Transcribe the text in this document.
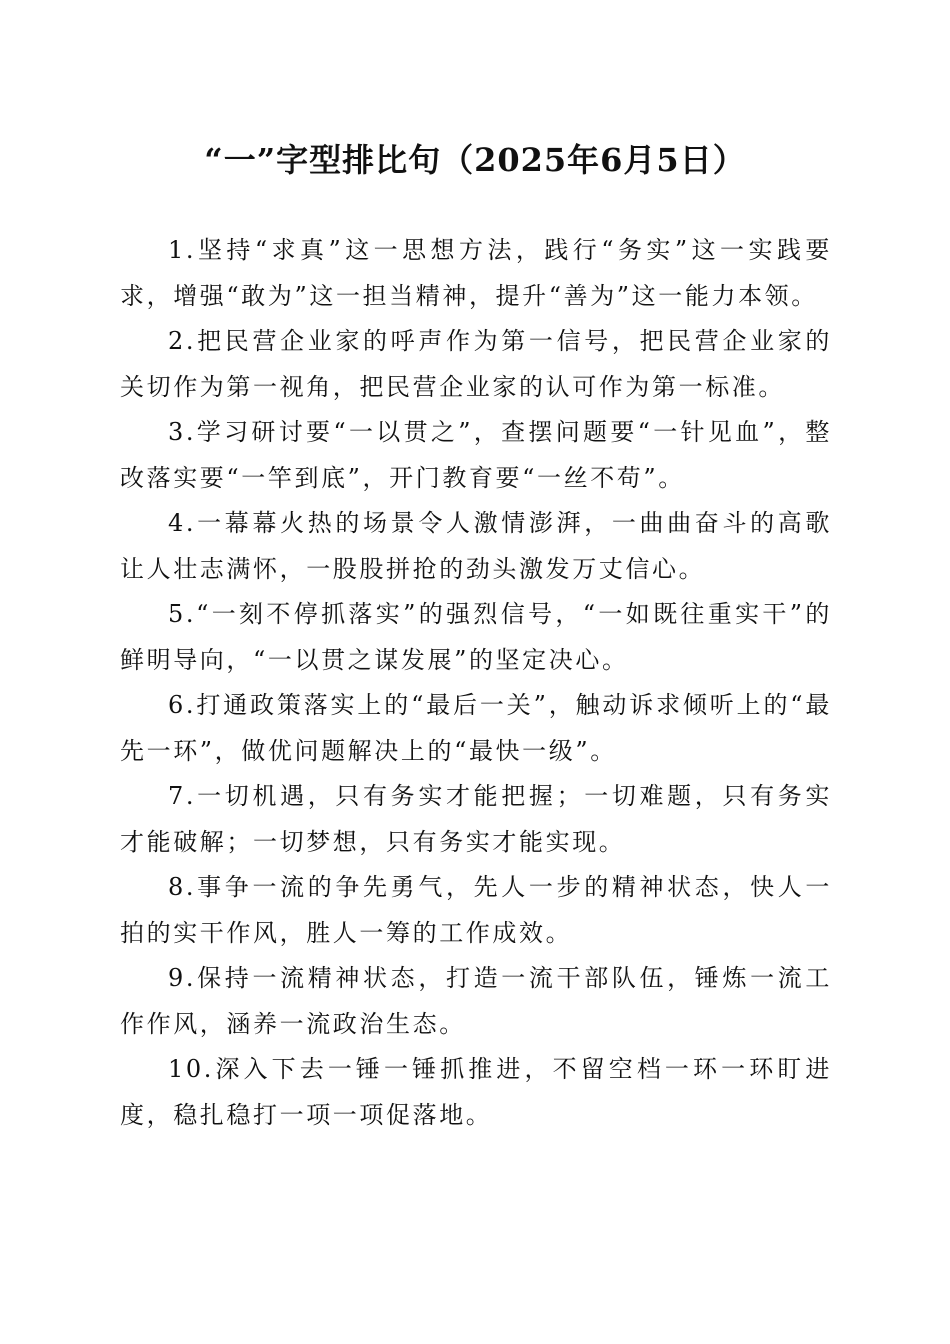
“一”字型排比句（2025年6月5日）

1.坚持“求真”这一思想方法，践行“务实”这一实践要求，增强“敢为”这一担当精神，提升“善为”这一能力本领。

2.把民营企业家的呼声作为第一信号，把民营企业家的关切作为第一视角，把民营企业家的认可作为第一标准。

3.学习研讨要“一以贯之”，查摆问题要“一针见血”，整改落实要“一竿到底”，开门教育要“一丝不苟”。

4.一幕幕火热的场景令人激情澎湃，一曲曲奋斗的高歌让人壮志满怀，一股股拼抢的劲头激发万丈信心。

5.“一刻不停抓落实”的强烈信号，“一如既往重实干”的鲜明导向，“一以贯之谋发展”的坚定决心。

6.打通政策落实上的“最后一关”，触动诉求倾听上的“最先一环”，做优问题解决上的“最快一级”。

7.一切机遇，只有务实才能把握；一切难题，只有务实才能破解；一切梦想，只有务实才能实现。

8.事争一流的争先勇气，先人一步的精神状态，快人一拍的实干作风，胜人一筹的工作成效。

9.保持一流精神状态，打造一流干部队伍，锤炼一流工作作风，涵养一流政治生态。

10.深入下去一锤一锤抓推进，不留空档一环一环盯进度，稳扎稳打一项一项促落地。
